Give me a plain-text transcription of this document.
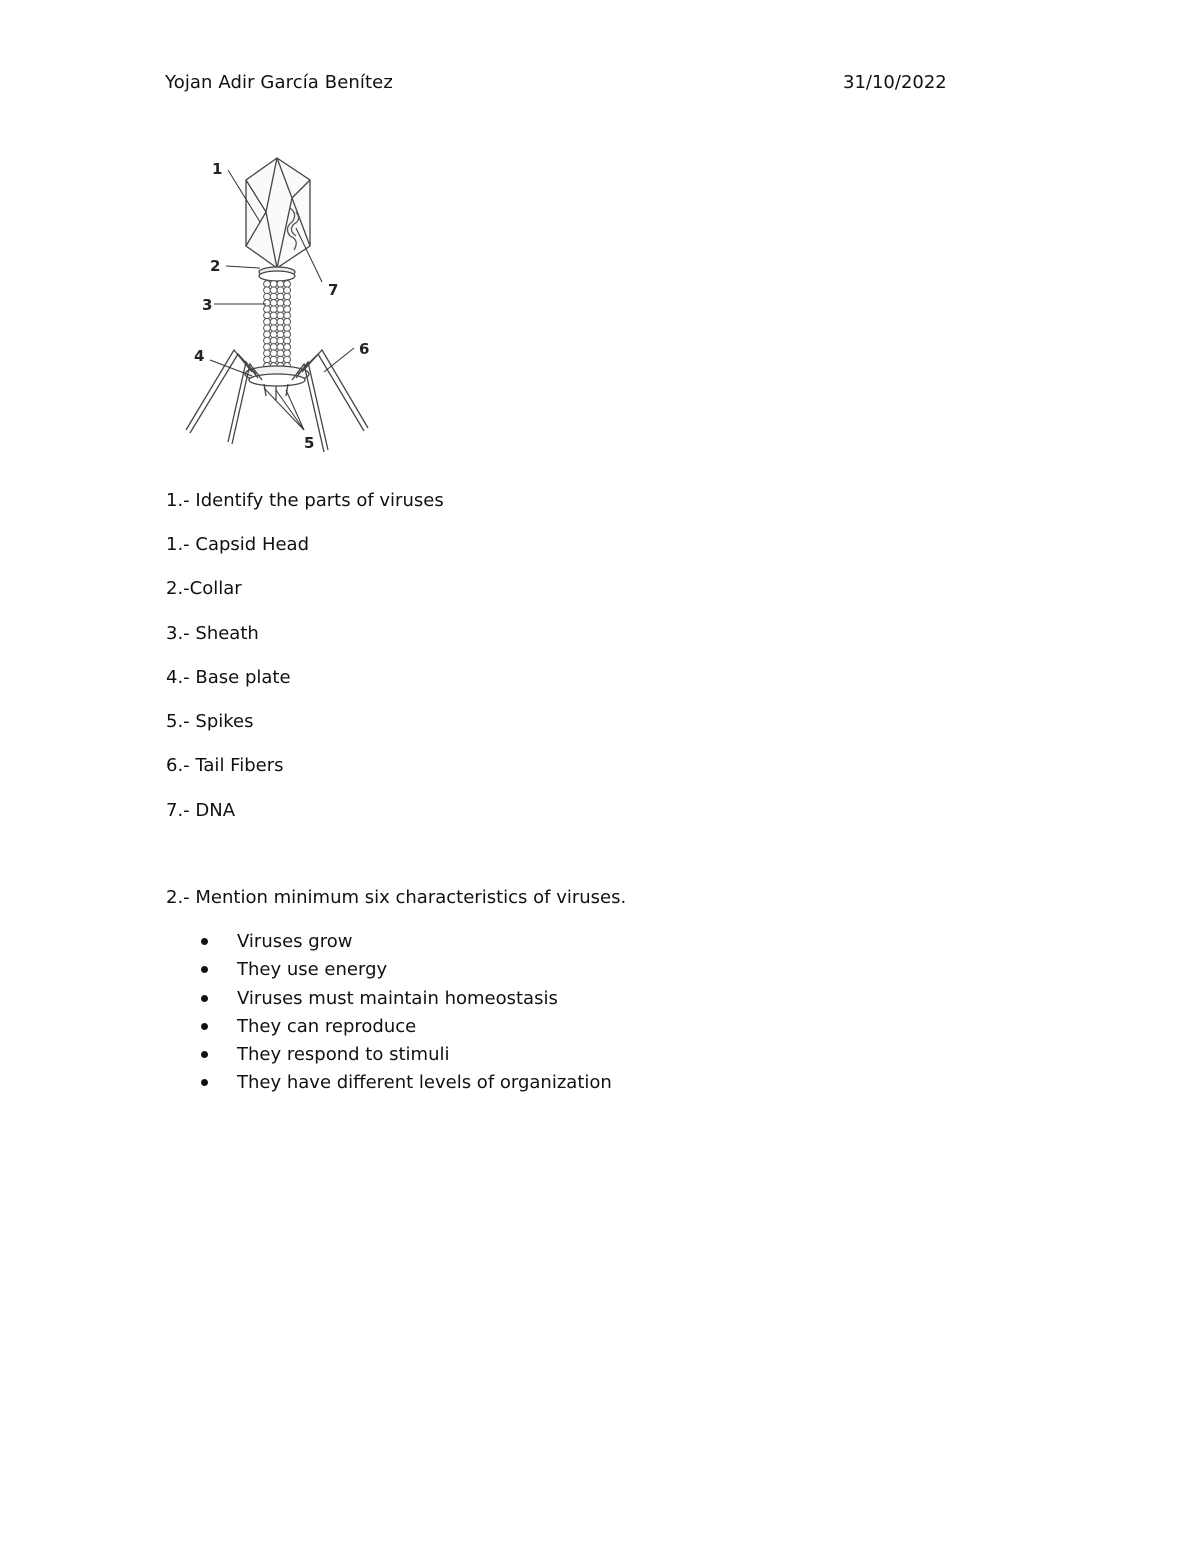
Yojan Adir García Benítez	31/10/2022
1
2
3
4
5
6
7
1.- Identify the parts of viruses
1.- Capsid Head
2.-Collar
3.- Sheath
4.- Base plate
5.- Spikes
6.- Tail Fibers
7.- DNA
2.- Mention minimum six characteristics of viruses.
Viruses grow
They use energy
Viruses must maintain homeostasis
They can reproduce
They respond to stimuli
They have different levels of organization
